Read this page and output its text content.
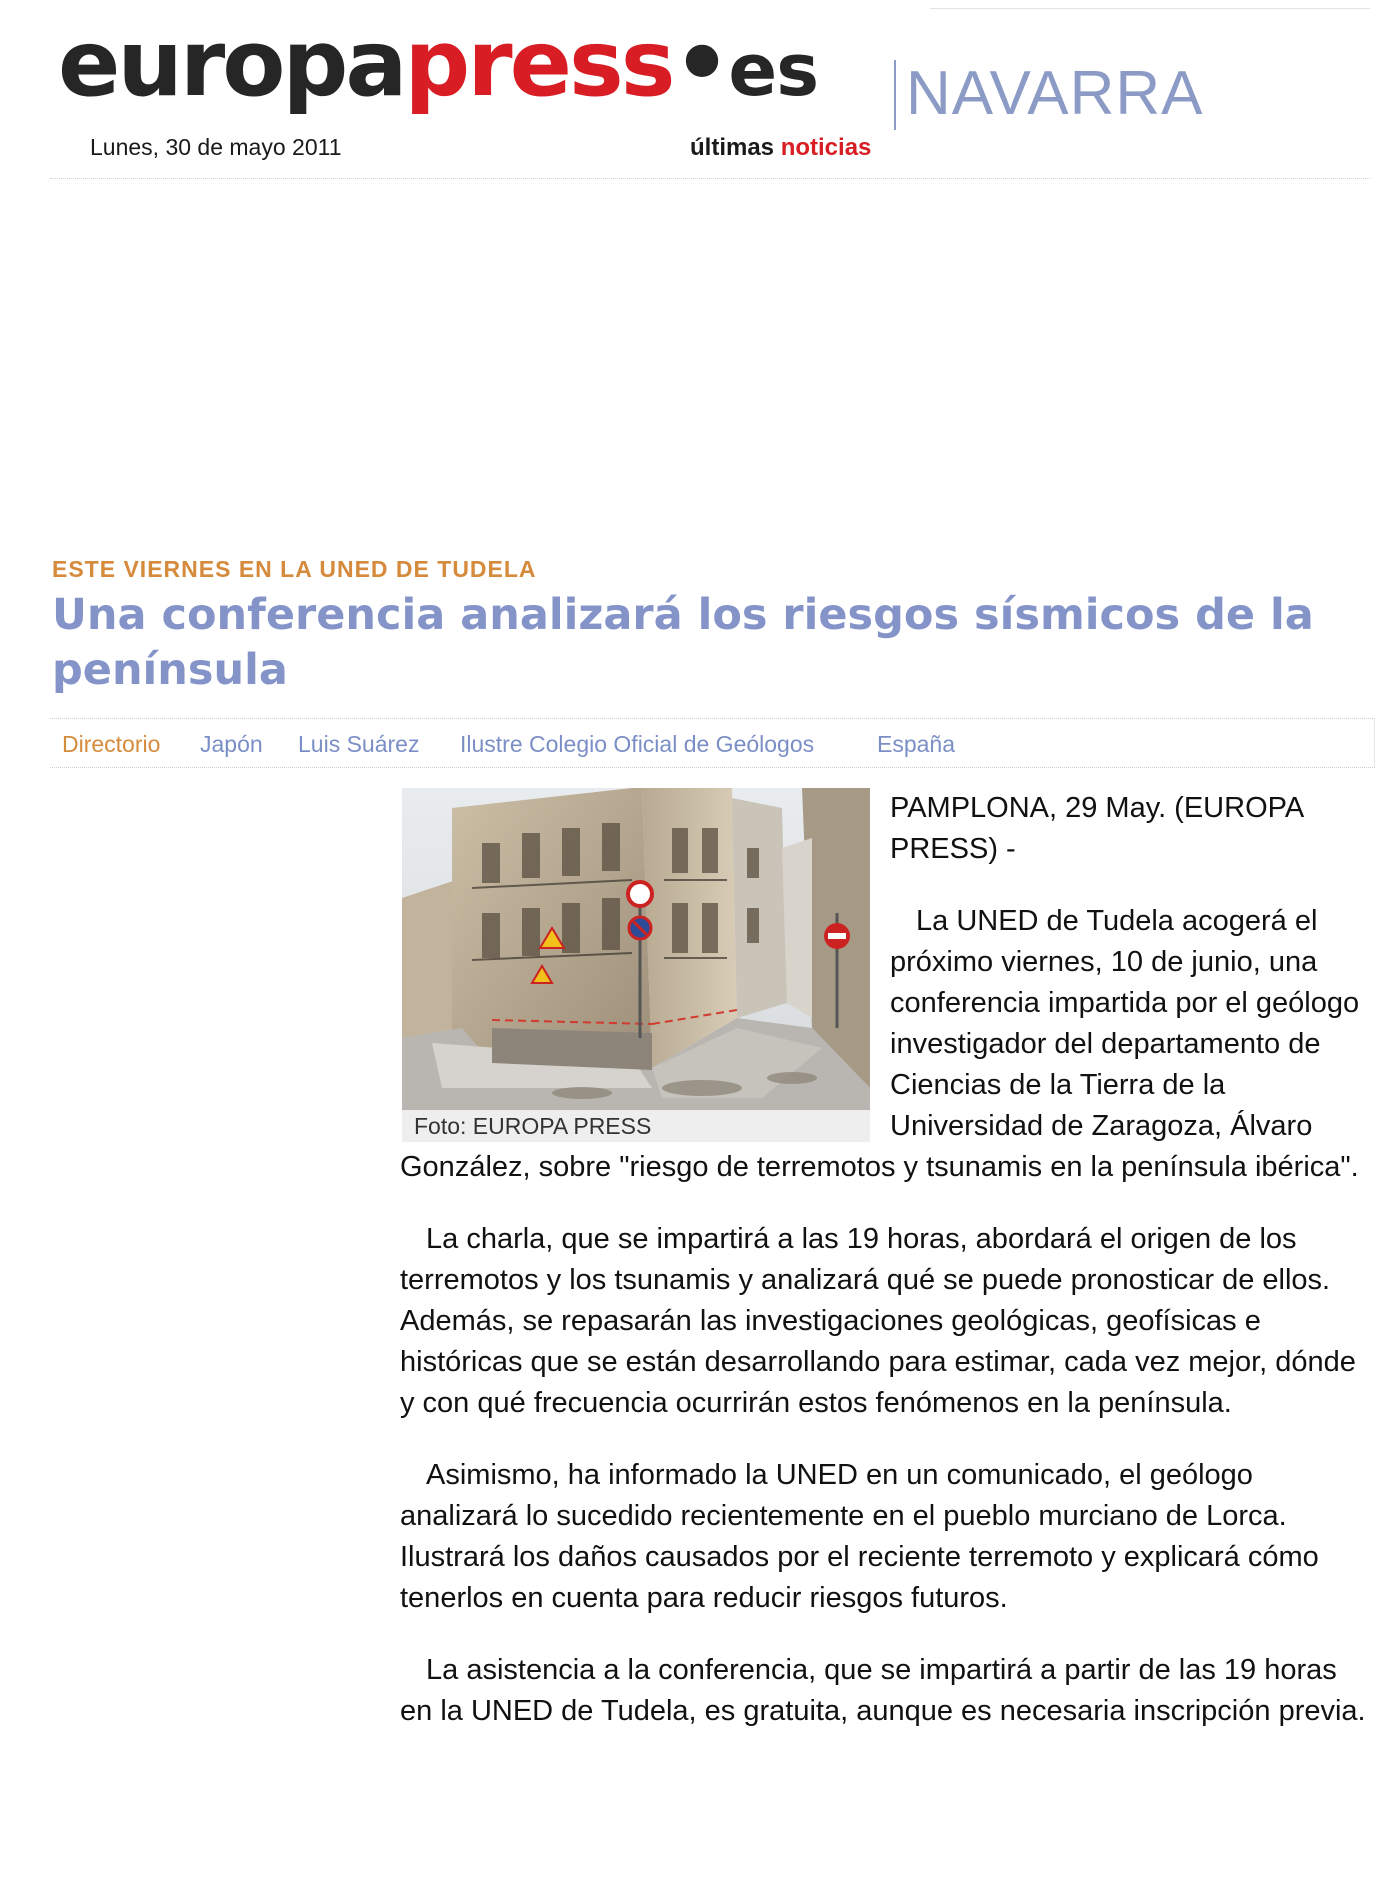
europapress•es NAVARRA
Lunes, 30 de mayo 2011	últimas noticias
ESTE VIERNES EN LA UNED DE TUDELA
Una conferencia analizará los riesgos sísmicos de la península
Directorio Japón Luis Suárez Ilustre Colegio Oficial de Geólogos	España
Foto: EUROPA PRESS

PAMPLONA, 29 May. (EUROPA PRESS) -

La UNED de Tudela acogerá el próximo viernes, 10 de junio, una conferencia impartida por el geólogo investigador del departamento de Ciencias de la Tierra de la Universidad de Zaragoza, Álvaro González, sobre "riesgo de terremotos y tsunamis en la península ibérica".

La charla, que se impartirá a las 19 horas, abordará el origen de los terremotos y los tsunamis y analizará qué se puede pronosticar de ellos. Además, se repasarán las investigaciones geológicas, geofísicas e históricas que se están desarrollando para estimar, cada vez mejor, dónde y con qué frecuencia ocurrirán estos fenómenos en la península.

Asimismo, ha informado la UNED en un comunicado, el geólogo analizará lo sucedido recientemente en el pueblo murciano de Lorca. Ilustrará los daños causados por el reciente terremoto y explicará cómo tenerlos en cuenta para reducir riesgos futuros.

La asistencia a la conferencia, que se impartirá a partir de las 19 horas en la UNED de Tudela, es gratuita, aunque es necesaria inscripción previa.
